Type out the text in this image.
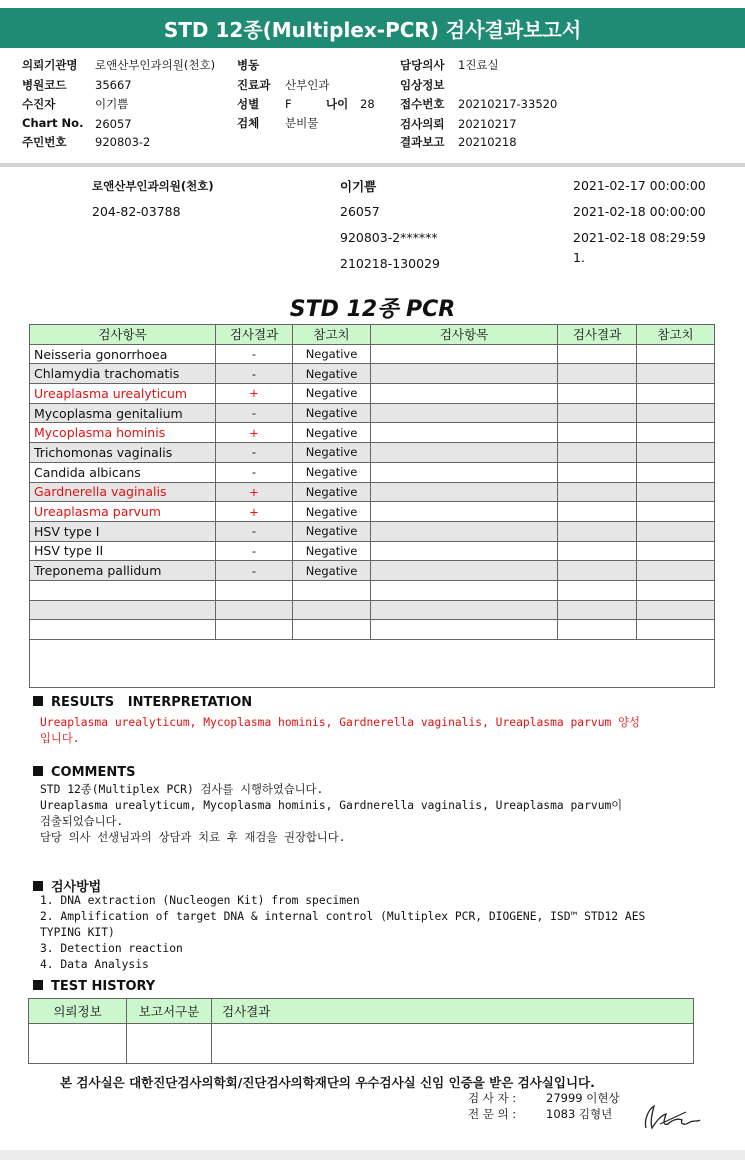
STD 12종(Multiplex-PCR) 검사결과보고서
의뢰기관명 로앤산부인과의원(천호) 병동	담당의사 1진료실
병원코드 35667	진료과 산부인과	임상정보
수진자	이기쁨	성별 F	나이 28 접수번호 20210217-33520
Chart No. 26057	검체 분비물	검사의뢰 20210217
주민번호 920803-2	결과보고 20210218
로앤산부인과의원(천호)
204-82-03788
이기쁨
26057
920803-2******
210218-130029
2021-02-17 00:00:00
2021-02-18 00:00:00
2021-02-18 08:29:59
1.
STD 12종 PCR
검사항목	검사결과	참고치	검사항목	검사결과	참고치
Neisseria gonorrhoea	-	Negative			
Chlamydia trachomatis	-	Negative			
Ureaplasma urealyticum	+	Negative			
Mycoplasma genitalium	-	Negative			
Mycoplasma hominis	+	Negative			
Trichomonas vaginalis	-	Negative			
Candida albicans	-	Negative			
Gardnerella vaginalis	+	Negative			
Ureaplasma parvum	+	Negative			
HSV type I	-	Negative			
HSV type II	-	Negative			
Treponema pallidum	-	Negative			

RESULTS   INTERPRETATION
Ureaplasma urealyticum, Mycoplasma hominis, Gardnerella vaginalis, Ureaplasma parvum 양성
입니다.
COMMENTS
STD 12종(Multiplex PCR) 검사를 시행하였습니다.
Ureaplasma urealyticum, Mycoplasma hominis, Gardnerella vaginalis, Ureaplasma parvum이
검출되었습니다.
담당 의사 선생님과의 상담과 치료 후 재검을 권장합니다.
검사방법
1. DNA extraction (Nucleogen Kit) from specimen
2. Amplification of target DNA & internal control (Multiplex PCR, DIOGENE, ISD™ STD12 AES
TYPING KIT)
3. Detection reaction
4. Data Analysis
TEST HISTORY
의뢰정보	보고서구분	검사결과

본 검사실은 대한진단검사의학회/진단검사의학재단의 우수검사실 신임 인증을 받은 검사실입니다.
검 사 자 :	27999 이현상
전 문 의 :	1083 김형년
